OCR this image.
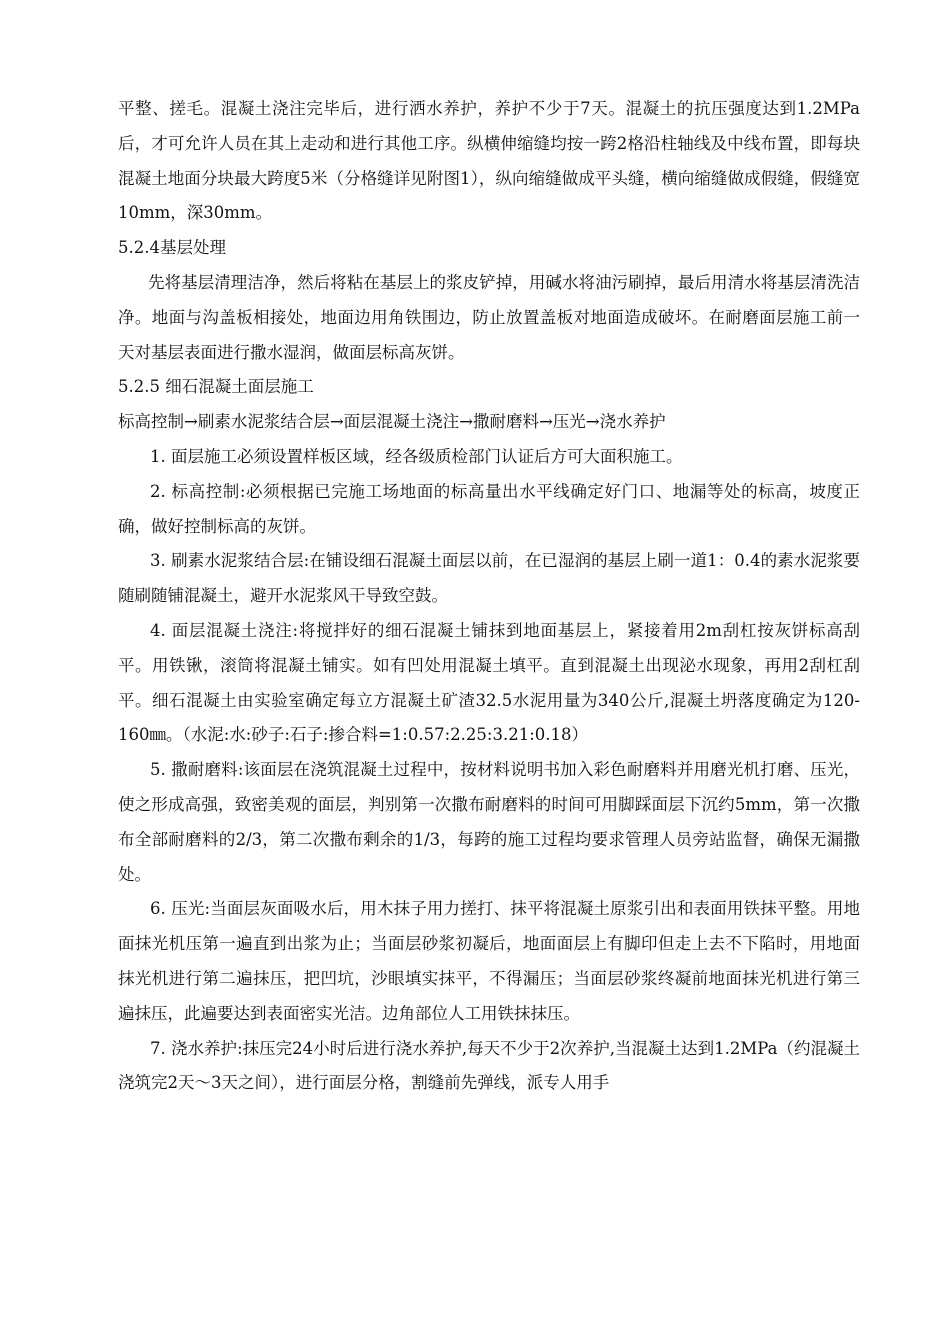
平整、搓毛。混凝土浇注完毕后，进行洒水养护，养护不少于7天。混凝土的抗压强度达到1.2MPa后，才可允许人员在其上走动和进行其他工序。纵横伸缩缝均按一跨2格沿柱轴线及中线布置，即每块混凝土地面分块最大跨度5米（分格缝详见附图1），纵向缩缝做成平头缝，横向缩缝做成假缝，假缝宽10mm，深30mm。

5.2.4基层处理

先将基层清理洁净，然后将粘在基层上的浆皮铲掉，用碱水将油污刷掉，最后用清水将基层清洗洁净。地面与沟盖板相接处，地面边用角铁围边，防止放置盖板对地面造成破坏。在耐磨面层施工前一天对基层表面进行撒水湿润，做面层标高灰饼。

5.2.5 细石混凝土面层施工

标高控制→刷素水泥浆结合层→面层混凝土浇注→撒耐磨料→压光→浇水养护

1. 面层施工必须设置样板区域，经各级质检部门认证后方可大面积施工。

2. 标高控制:必须根据已完施工场地面的标高量出水平线确定好门口、地漏等处的标高，坡度正确，做好控制标高的灰饼。

3. 刷素水泥浆结合层:在铺设细石混凝土面层以前，在已湿润的基层上刷一道1：0.4的素水泥浆要随刷随铺混凝土，避开水泥浆风干导致空鼓。

4. 面层混凝土浇注:将搅拌好的细石混凝土铺抹到地面基层上，紧接着用2m刮杠按灰饼标高刮平。用铁锹，滚筒将混凝土铺实。如有凹处用混凝土填平。直到混凝土出现泌水现象，再用2刮杠刮平。细石混凝土由实验室确定每立方混凝土矿渣32.5水泥用量为340公斤,混凝土坍落度确定为120-160㎜。（水泥:水:砂子:石子:掺合料=1:0.57:2.25:3.21:0.18）

5. 撒耐磨料:该面层在浇筑混凝土过程中，按材料说明书加入彩色耐磨料并用磨光机打磨、压光，使之形成高强，致密美观的面层，判别第一次撒布耐磨料的时间可用脚踩面层下沉约5mm，第一次撒布全部耐磨料的2/3，第二次撒布剩余的1/3，每跨的施工过程均要求管理人员旁站监督，确保无漏撒处。

6. 压光:当面层灰面吸水后，用木抹子用力搓打、抹平将混凝土原浆引出和表面用铁抹平整。用地面抹光机压第一遍直到出浆为止；当面层砂浆初凝后，地面面层上有脚印但走上去不下陷时，用地面抹光机进行第二遍抹压，把凹坑，沙眼填实抹平，不得漏压；当面层砂浆终凝前地面抹光机进行第三遍抹压，此遍要达到表面密实光洁。边角部位人工用铁抹抹压。

7. 浇水养护:抹压完24小时后进行浇水养护,每天不少于2次养护,当混凝土达到1.2MPa（约混凝土浇筑完2天～3天之间），进行面层分格，割缝前先弹线，派专人用手
